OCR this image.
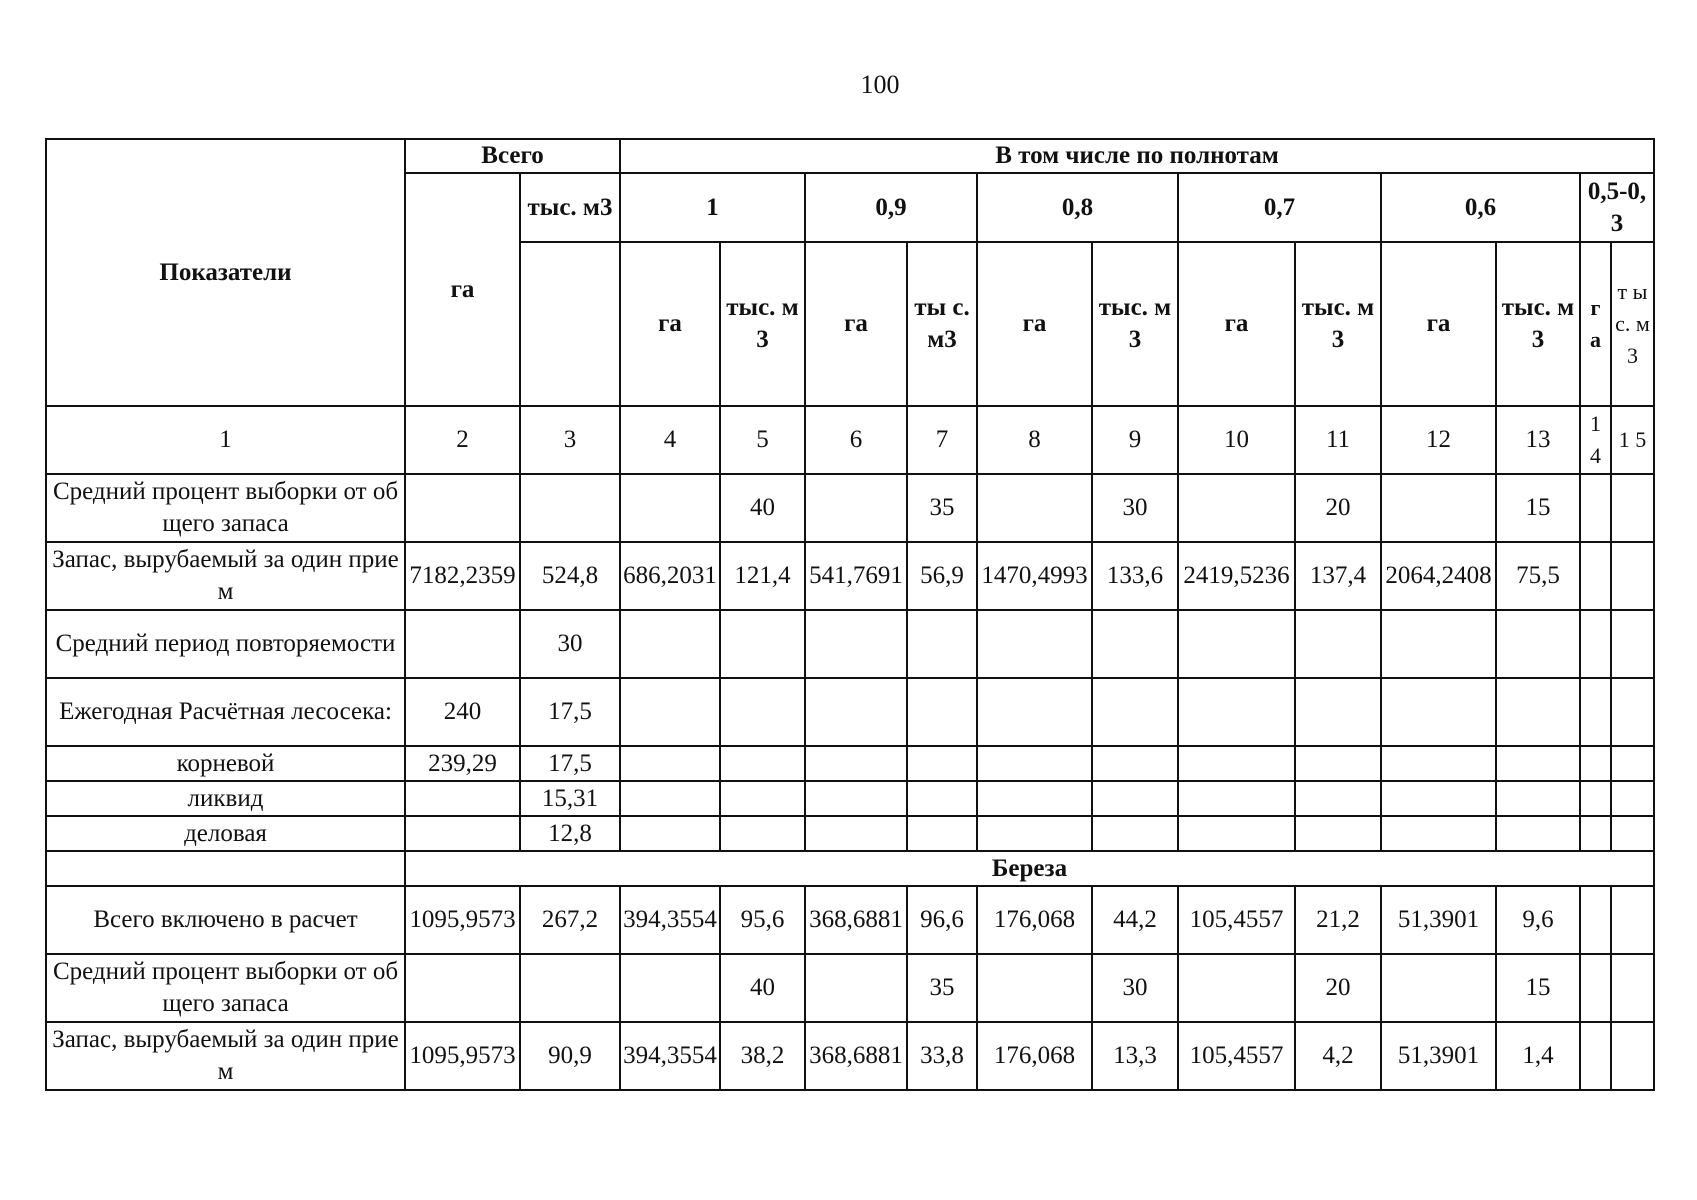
100
Показатели	Всего		В том числе по полнотам											
	га	тыс. м3	1		0,9		0,8		0,7		0,6		0,5-0,3	
			га	тыс. м3	га	ты с. м3	га	тыс. м3	га	тыс. м3	га	тыс. м3	г а	т ы с. м 3
1	2	3	4	5	6	7	8	9	10	11	12	13	1 4	1 5
Средний процент выборки от общего запаса				40		35		30		20		15		
Запас, вырубаемый за один прием	7182,2359	524,8	686,2031	121,4	541,7691	56,9	1470,4993	133,6	2419,5236	137,4	2064,2408	75,5		
Средний период повторяемости		30												
Ежегодная Расчётная лесосека:	240	17,5												
корневой	239,29	17,5												
ликвид		15,31												
деловая		12,8												
	Береза													
Всего включено в расчет	1095,9573	267,2	394,3554	95,6	368,6881	96,6	176,068	44,2	105,4557	21,2	51,3901	9,6		
Средний процент выборки от общего запаса				40		35		30		20		15		
Запас, вырубаемый за один прием	1095,9573	90,9	394,3554	38,2	368,6881	33,8	176,068	13,3	105,4557	4,2	51,3901	1,4		
